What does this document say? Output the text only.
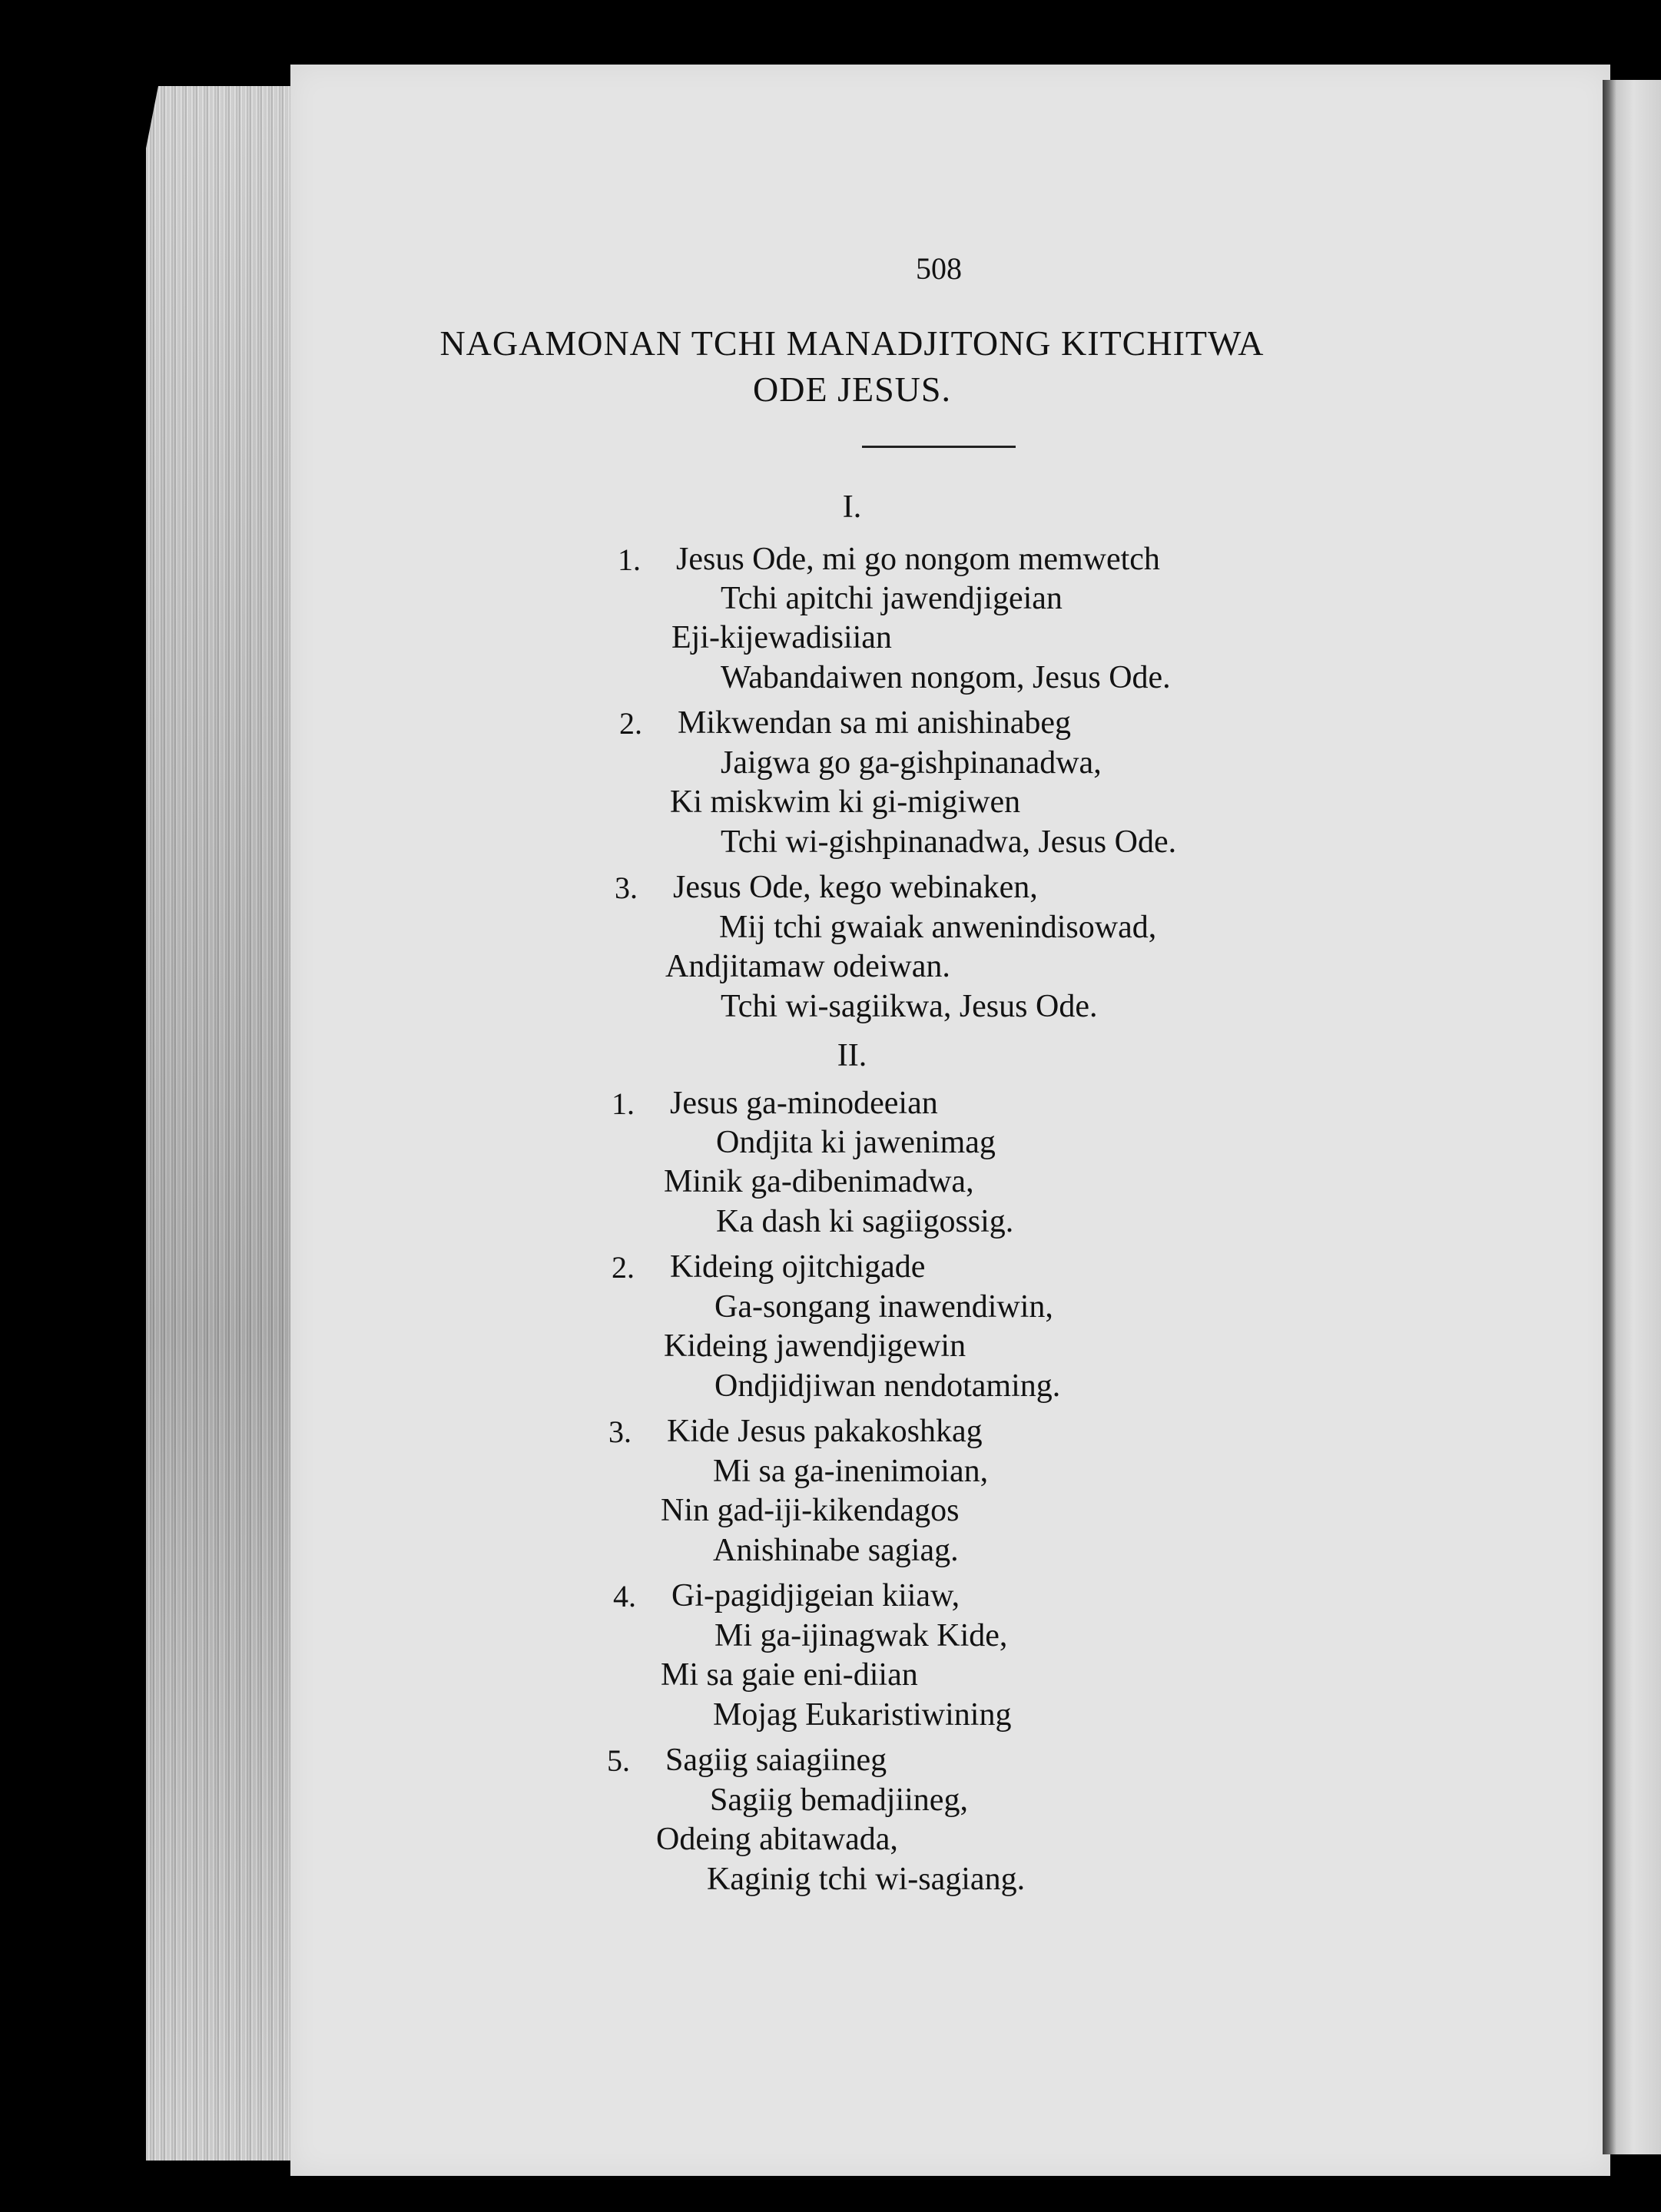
508
NAGAMONAN TCHI MANADJITONG KITCHITWA
ODE JESUS.
I.
1. Jesus Ode, mi go nongom memwetch
Tchi apitchi jawendjigeian
Eji-kijewadisiian
Wabandaiwen nongom, Jesus Ode.
2. Mikwendan sa mi anishinabeg
Jaigwa go ga-gishpinanadwa,
Ki miskwim ki gi-migiwen
Tchi wi-gishpinanadwa, Jesus Ode.
3. Jesus Ode, kego webinaken,
Mij tchi gwaiak anwenindisowad,
Andjitamaw odeiwan.
Tchi wi-sagiikwa, Jesus Ode.
II.
1. Jesus ga-minodeeian
Ondjita ki jawenimag
Minik ga-dibenimadwa,
Ka dash ki sagiigossig.
2. Kideing ojitchigade
Ga-songang inawendiwin,
Kideing jawendjigewin
Ondjidjiwan nendotaming.
3. Kide Jesus pakakoshkag
Mi sa ga-inenimoian,
Nin gad-iji-kikendagos
Anishinabe sagiag.
4. Gi-pagidjigeian kiiaw,
Mi ga-ijinagwak Kide,
Mi sa gaie eni-diian
Mojag Eukaristiwining
5. Sagiig saiagiineg
Sagiig bemadjiineg,
Odeing abitawada,
Kaginig tchi wi-sagiang.
